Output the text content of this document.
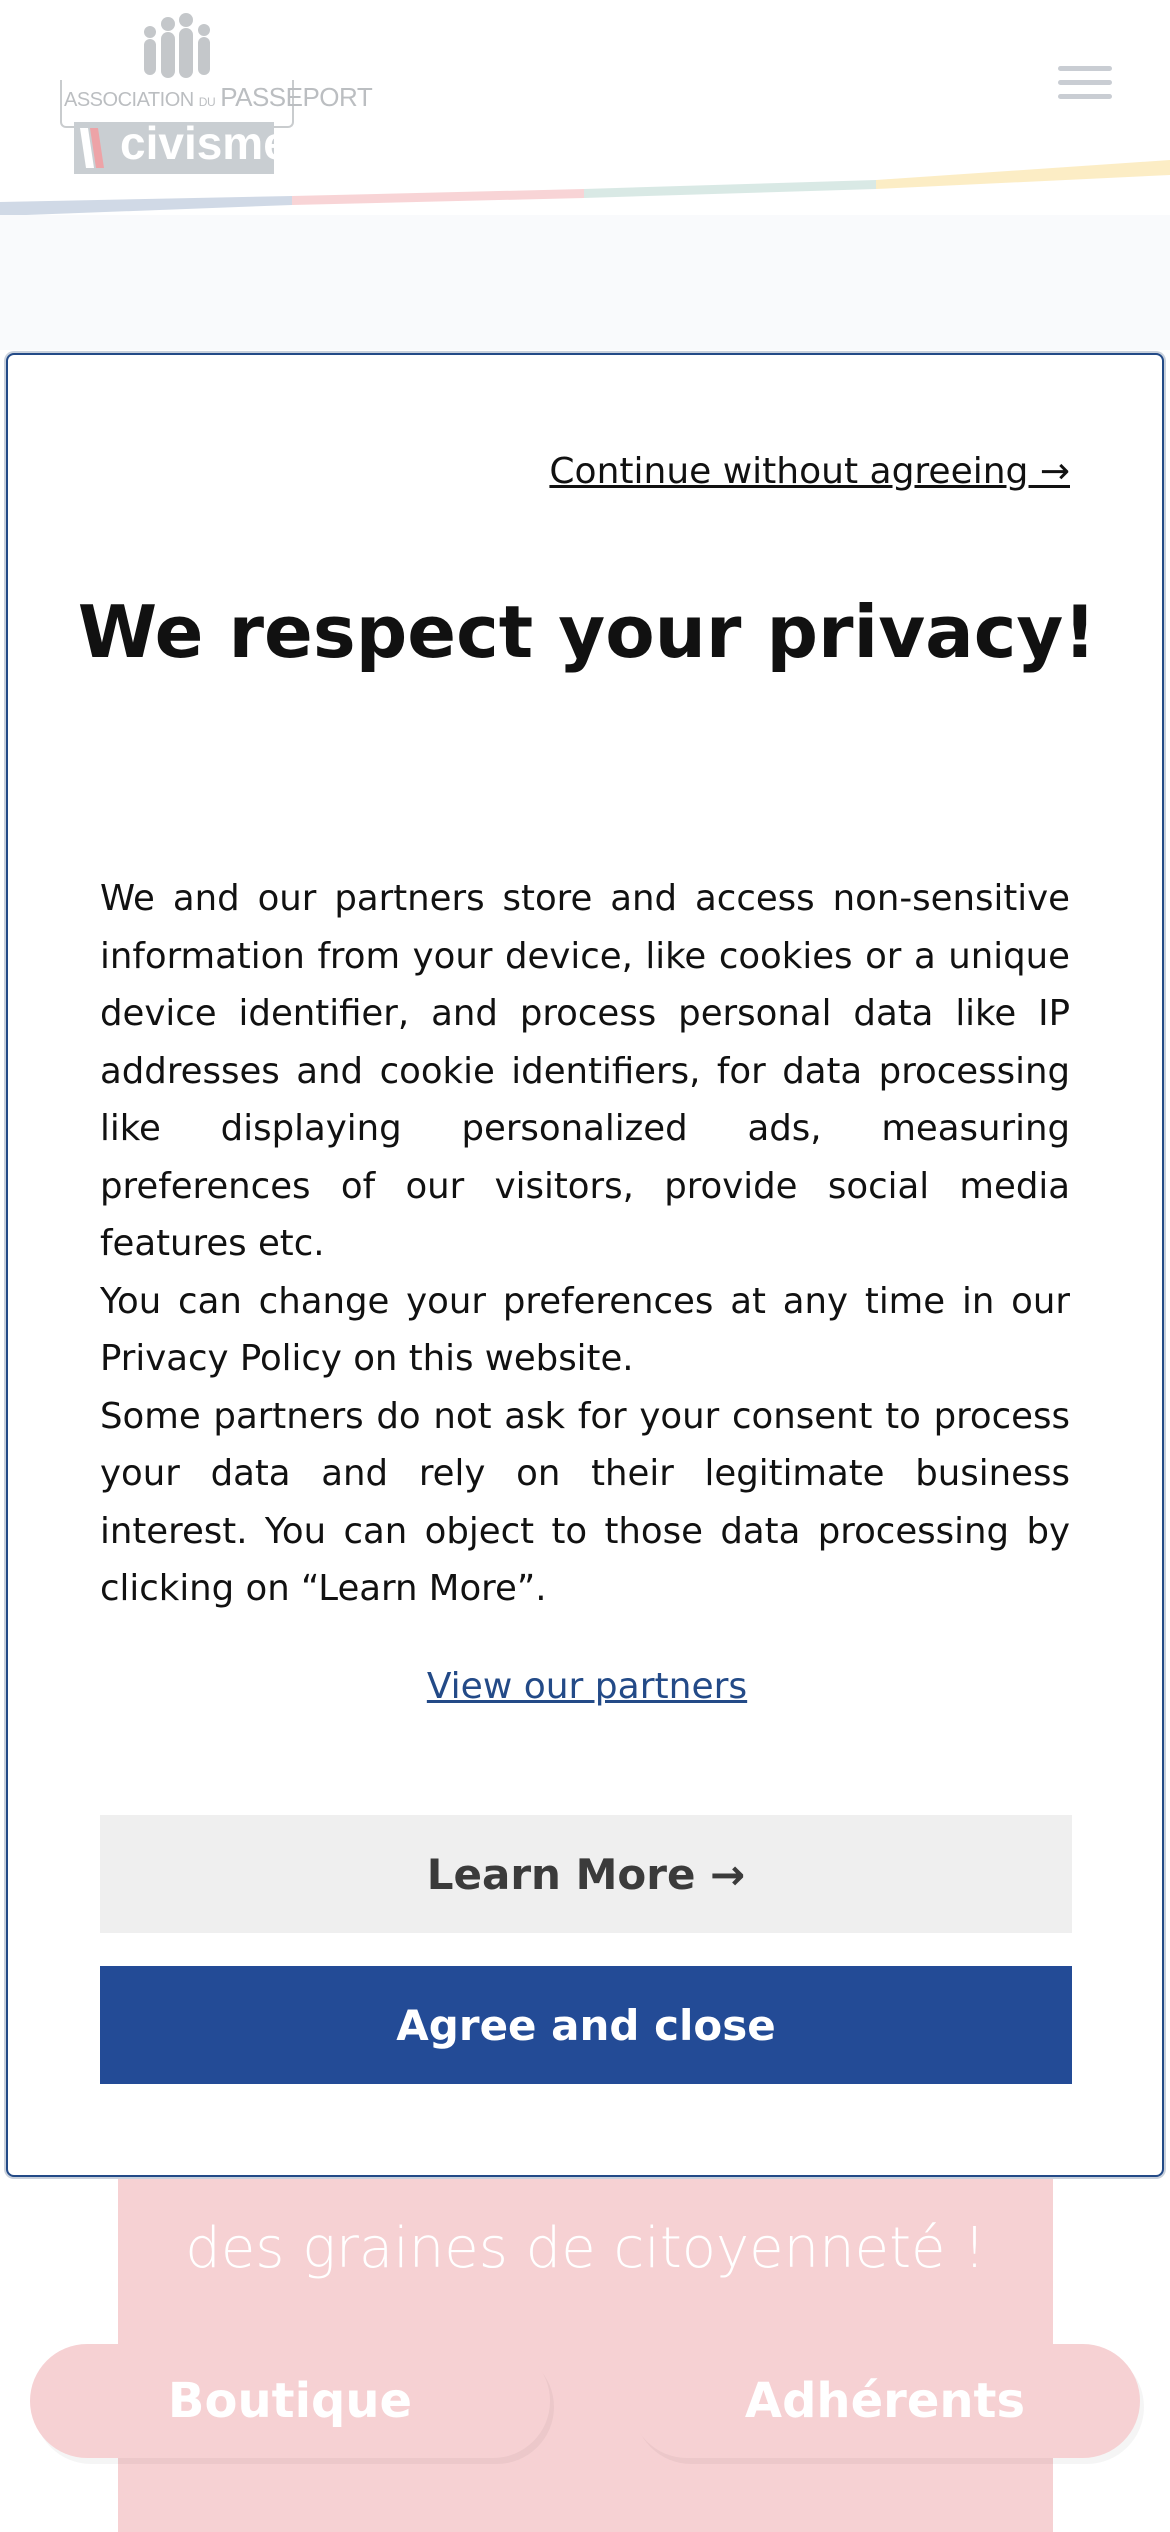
ASSOCIATION DU PASSEPORT
civisme
des graines de citoyenneté !
Boutique	Adhérents
Continue without agreeing →
We respect your privacy!

We and our partners store and access non-sensitive information from your device, like cookies or a unique device identifier, and process personal data like IP addresses and cookie identifiers, for data processing like displaying personalized ads, measuring preferences of our visitors, provide social media features etc.

You can change your preferences at any time in our Privacy Policy on this website.

Some partners do not ask for your consent to process your data and rely on their legitimate business interest. You can object to those data processing by clicking on “Learn More”.

View our partners
Learn More →
Agree and close
